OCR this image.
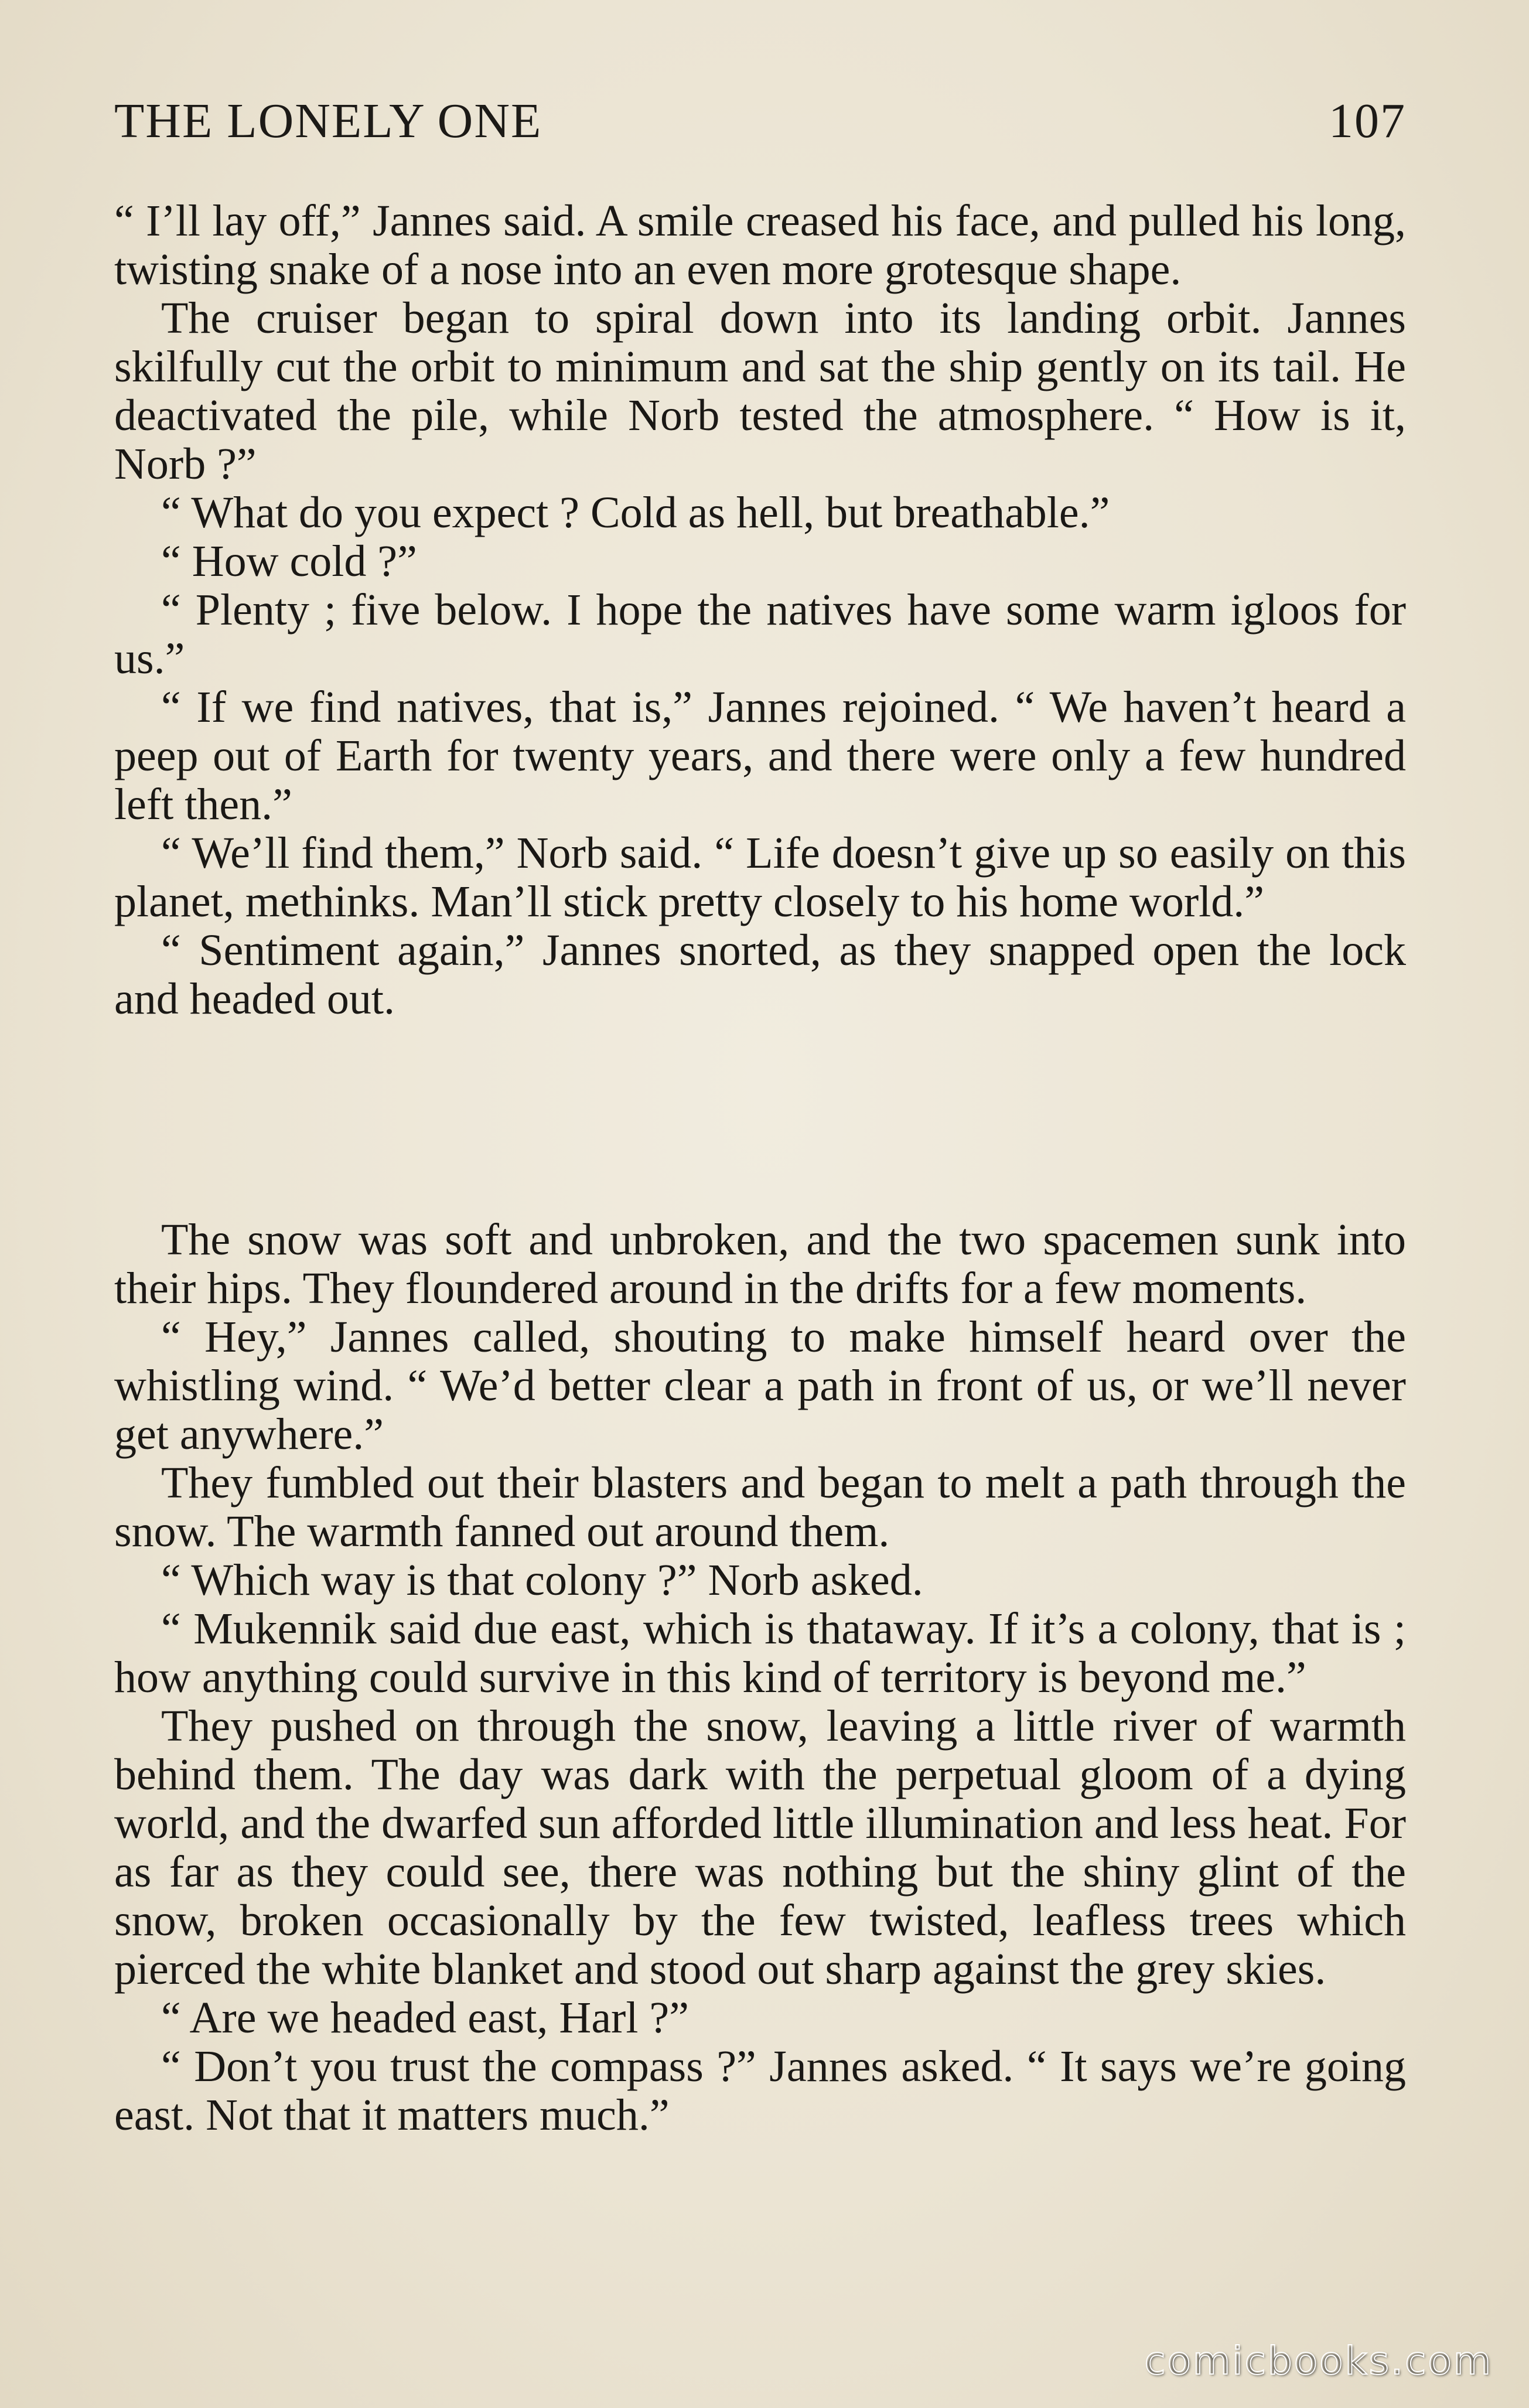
THE LONELY ONE	107

“ I’ll lay off,” Jannes said. A smile creased his face, and pulled his long, twisting snake of a nose into an even more grotesque shape.

The cruiser began to spiral down into its landing orbit. Jannes skilfully cut the orbit to minimum and sat the ship gently on its tail. He deactivated the pile, while Norb tested the atmosphere. “ How is it, Norb ?”

“ What do you expect ? Cold as hell, but breathable.”

“ How cold ?”

“ Plenty ; five below. I hope the natives have some warm igloos for us.”

“ If we find natives, that is,” Jannes rejoined. “ We haven’t heard a peep out of Earth for twenty years, and there were only a few hundred left then.”

“ We’ll find them,” Norb said. “ Life doesn’t give up so easily on this planet, methinks. Man’ll stick pretty closely to his home world.”

“ Sentiment again,” Jannes snorted, as they snapped open the lock and headed out.

The snow was soft and unbroken, and the two spacemen sunk into their hips. They floundered around in the drifts for a few moments.

“ Hey,” Jannes called, shouting to make himself heard over the whistling wind. “ We’d better clear a path in front of us, or we’ll never get anywhere.”

They fumbled out their blasters and began to melt a path through the snow. The warmth fanned out around them.

“ Which way is that colony ?” Norb asked.

“ Mukennik said due east, which is thataway. If it’s a colony, that is ; how anything could survive in this kind of territory is beyond me.”

They pushed on through the snow, leaving a little river of warmth behind them. The day was dark with the perpetual gloom of a dying world, and the dwarfed sun afforded little illumination and less heat. For as far as they could see, there was nothing but the shiny glint of the snow, broken occasionally by the few twisted, leafless trees which pierced the white blanket and stood out sharp against the grey skies.

“ Are we headed east, Harl ?”

“ Don’t you trust the compass ?” Jannes asked. “ It says we’re going east. Not that it matters much.”

comicbooks.com
